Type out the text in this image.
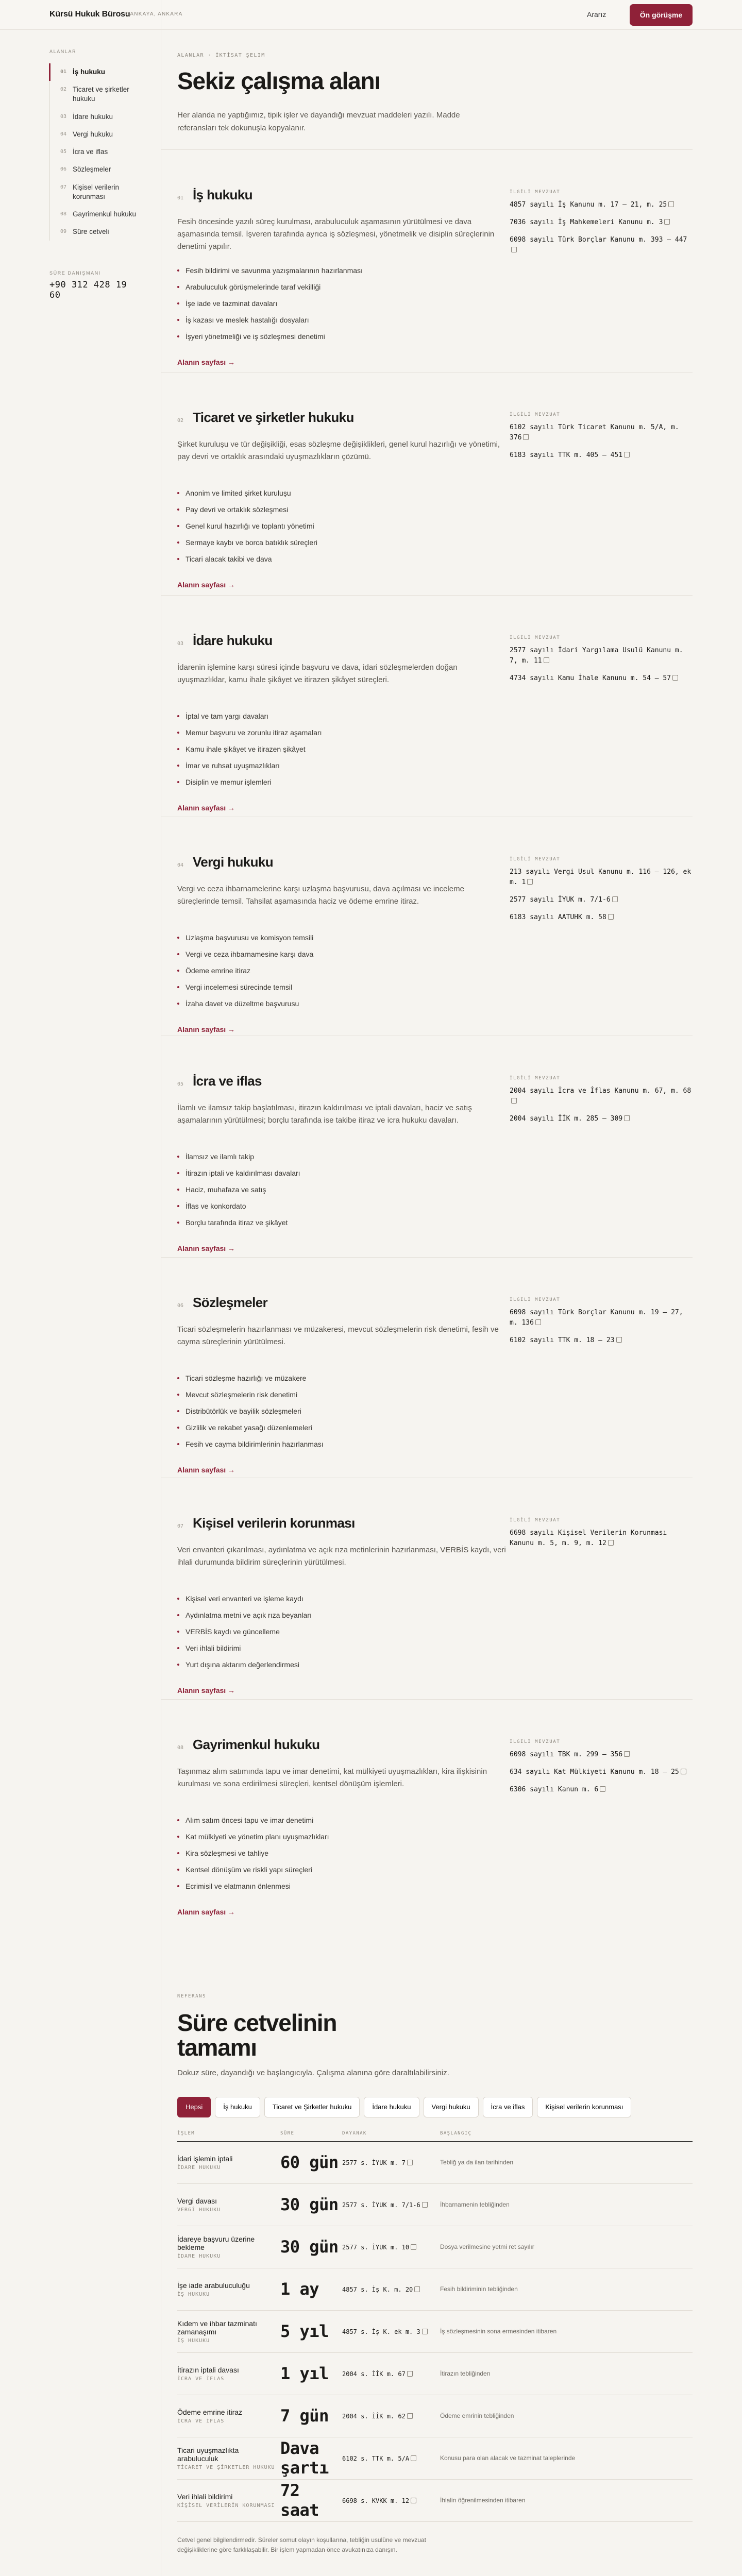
Kürsü Hukuk Bürosu
ÇANKAYA, ANKARA	Ararız	Ön görüşme
ALANLAR
01 İş hukuku
02 Ticaret ve şirketler hukuku
03 İdare hukuku
04 Vergi hukuku
05 İcra ve iflas
06 Sözleşmeler
07 Kişisel verilerin korunması
08 Gayrimenkul hukuku
09 Süre cetveli
SÜRE DANIŞMANI
+90 312 428 19 60
ALANLAR · İKTİSAT ŞELIM
Sekiz çalışma alanı

Her alanda ne yaptığımız, tipik işler ve dayandığı mevzuat maddeleri yazılı. Madde referansları tek dokunuşla kopyalanır.

01 İş hukuku

Fesih öncesinde yazılı süreç kurulması, arabuluculuk aşamasının yürütülmesi ve dava aşamasında temsil. İşveren tarafında ayrıca iş sözleşmesi, yönetmelik ve disiplin süreçlerinin denetimi yapılır.

Fesih bildirimi ve savunma yazışmalarının hazırlanması
Arabuluculuk görüşmelerinde taraf vekilliği
İşe iade ve tazminat davaları
İş kazası ve meslek hastalığı dosyaları
İşyeri yönetmeliği ve iş sözleşmesi denetimi
Alanın sayfası →
İLGİLİ MEVZUAT
4857 sayılı İş Kanunu m. 17 – 21, m. 25
7036 sayılı İş Mahkemeleri Kanunu m. 3
6098 sayılı Türk Borçlar Kanunu m. 393 – 447
02 Ticaret ve şirketler hukuku

Şirket kuruluşu ve tür değişikliği, esas sözleşme değişiklikleri, genel kurul hazırlığı ve yönetimi, pay devri ve ortaklık arasındaki uyuşmazlıkların çözümü.

Anonim ve limited şirket kuruluşu
Pay devri ve ortaklık sözleşmesi
Genel kurul hazırlığı ve toplantı yönetimi
Sermaye kaybı ve borca batıklık süreçleri
Ticari alacak takibi ve dava
Alanın sayfası →
İLGİLİ MEVZUAT
6102 sayılı Türk Ticaret Kanunu m. 5/A, m. 376
6183 sayılı TTK m. 405 – 451
03 İdare hukuku

İdarenin işlemine karşı süresi içinde başvuru ve dava, idari sözleşmelerden doğan uyuşmazlıklar, kamu ihale şikâyet ve itirazen şikâyet süreçleri.

İptal ve tam yargı davaları
Memur başvuru ve zorunlu itiraz aşamaları
Kamu ihale şikâyet ve itirazen şikâyet
İmar ve ruhsat uyuşmazlıkları
Disiplin ve memur işlemleri
Alanın sayfası →
İLGİLİ MEVZUAT
2577 sayılı İdari Yargılama Usulü Kanunu m. 7, m. 11
4734 sayılı Kamu İhale Kanunu m. 54 – 57
04 Vergi hukuku

Vergi ve ceza ihbarnamelerine karşı uzlaşma başvurusu, dava açılması ve inceleme süreçlerinde temsil. Tahsilat aşamasında haciz ve ödeme emrine itiraz.

Uzlaşma başvurusu ve komisyon temsili
Vergi ve ceza ihbarnamesine karşı dava
Ödeme emrine itiraz
Vergi incelemesi sürecinde temsil
İzaha davet ve düzeltme başvurusu
Alanın sayfası →
İLGİLİ MEVZUAT
213 sayılı Vergi Usul Kanunu m. 116 – 126, ek m. 1
2577 sayılı İYUK m. 7/1-6
6183 sayılı AATUHK m. 58
05 İcra ve iflas

İlamlı ve ilamsız takip başlatılması, itirazın kaldırılması ve iptali davaları, haciz ve satış aşamalarının yürütülmesi; borçlu tarafında ise takibe itiraz ve icra hukuku davaları.

İlamsız ve ilamlı takip
İtirazın iptali ve kaldırılması davaları
Haciz, muhafaza ve satış
İflas ve konkordato
Borçlu tarafında itiraz ve şikâyet
Alanın sayfası →
İLGİLİ MEVZUAT
2004 sayılı İcra ve İflas Kanunu m. 67, m. 68
2004 sayılı İİK m. 285 – 309
06 Sözleşmeler

Ticari sözleşmelerin hazırlanması ve müzakeresi, mevcut sözleşmelerin risk denetimi, fesih ve cayma süreçlerinin yürütülmesi.

Ticari sözleşme hazırlığı ve müzakere
Mevcut sözleşmelerin risk denetimi
Distribütörlük ve bayilik sözleşmeleri
Gizlilik ve rekabet yasağı düzenlemeleri
Fesih ve cayma bildirimlerinin hazırlanması
Alanın sayfası →
İLGİLİ MEVZUAT
6098 sayılı Türk Borçlar Kanunu m. 19 – 27, m. 136
6102 sayılı TTK m. 18 – 23
07 Kişisel verilerin korunması

Veri envanteri çıkarılması, aydınlatma ve açık rıza metinlerinin hazırlanması, VERBİS kaydı, veri ihlali durumunda bildirim süreçlerinin yürütülmesi.

Kişisel veri envanteri ve işleme kaydı
Aydınlatma metni ve açık rıza beyanları
VERBİS kaydı ve güncelleme
Veri ihlali bildirimi
Yurt dışına aktarım değerlendirmesi
Alanın sayfası →
İLGİLİ MEVZUAT
6698 sayılı Kişisel Verilerin Korunması Kanunu m. 5, m. 9, m. 12
08 Gayrimenkul hukuku

Taşınmaz alım satımında tapu ve imar denetimi, kat mülkiyeti uyuşmazlıkları, kira ilişkisinin kurulması ve sona erdirilmesi süreçleri, kentsel dönüşüm işlemleri.

Alım satım öncesi tapu ve imar denetimi
Kat mülkiyeti ve yönetim planı uyuşmazlıkları
Kira sözleşmesi ve tahliye
Kentsel dönüşüm ve riskli yapı süreçleri
Ecrimisil ve elatmanın önlenmesi
Alanın sayfası →
İLGİLİ MEVZUAT
6098 sayılı TBK m. 299 – 356
634 sayılı Kat Mülkiyeti Kanunu m. 18 – 25
6306 sayılı Kanun m. 6
REFERANS
Süre cetvelinin tamamı

Dokuz süre, dayandığı ve başlangıcıyla. Çalışma alanına göre daraltılabilirsiniz.

Hepsi	İş hukuku	Ticaret ve Şirketler hukuku	İdare hukuku	Vergi hukuku	İcra ve iflas	Kişisel verilerin korunması
İŞLEM	SÜRE	DAYANAK	BAŞLANGIÇ

İdari işlemin iptali
İDARE HUKUKU	60 gün	2577 s. İYUK m. 7	Tebliğ ya da ilan tarihinden

Vergi davası
VERGİ HUKUKU	30 gün	2577 s. İYUK m. 7/1-6	İhbarnamenin tebliğinden

İdareye başvuru üzerine bekleme
İDARE HUKUKU	30 gün	2577 s. İYUK m. 10	Dosya verilmesine yetmi ret sayılır

İşe iade arabuluculuğu
İŞ HUKUKU	1 ay	4857 s. İş K. m. 20	Fesih bildiriminin tebliğinden

Kıdem ve ihbar tazminatı zamanaşımı
İŞ HUKUKU	5 yıl	4857 s. İş K. ek m. 3	İş sözleşmesinin sona ermesinden itibaren

İtirazın iptali davası
İCRA VE İFLAS	1 yıl	2004 s. İİK m. 67	İtirazın tebliğinden

Ödeme emrine itiraz
İCRA VE İFLAS	7 gün	2004 s. İİK m. 62	Ödeme emrinin tebliğinden

Ticari uyuşmazlıkta arabuluculuk
TİCARET VE ŞİRKETLER HUKUKU	Dava şartı	6102 s. TTK m. 5/A	Konusu para olan alacak ve tazminat taleplerinde

Veri ihlali bildirimi
KİŞİSEL VERİLERİN KORUNMASI	72 saat	6698 s. KVKK m. 12	İhlalin öğrenilmesinden itibaren

Cetvel genel bilgilendirmedir. Süreler somut olayın koşullarına, tebliğin usulüne ve mevzuat değişikliklerine göre farklılaşabilir. Bir işlem yapmadan önce avukatınıza danışın.
